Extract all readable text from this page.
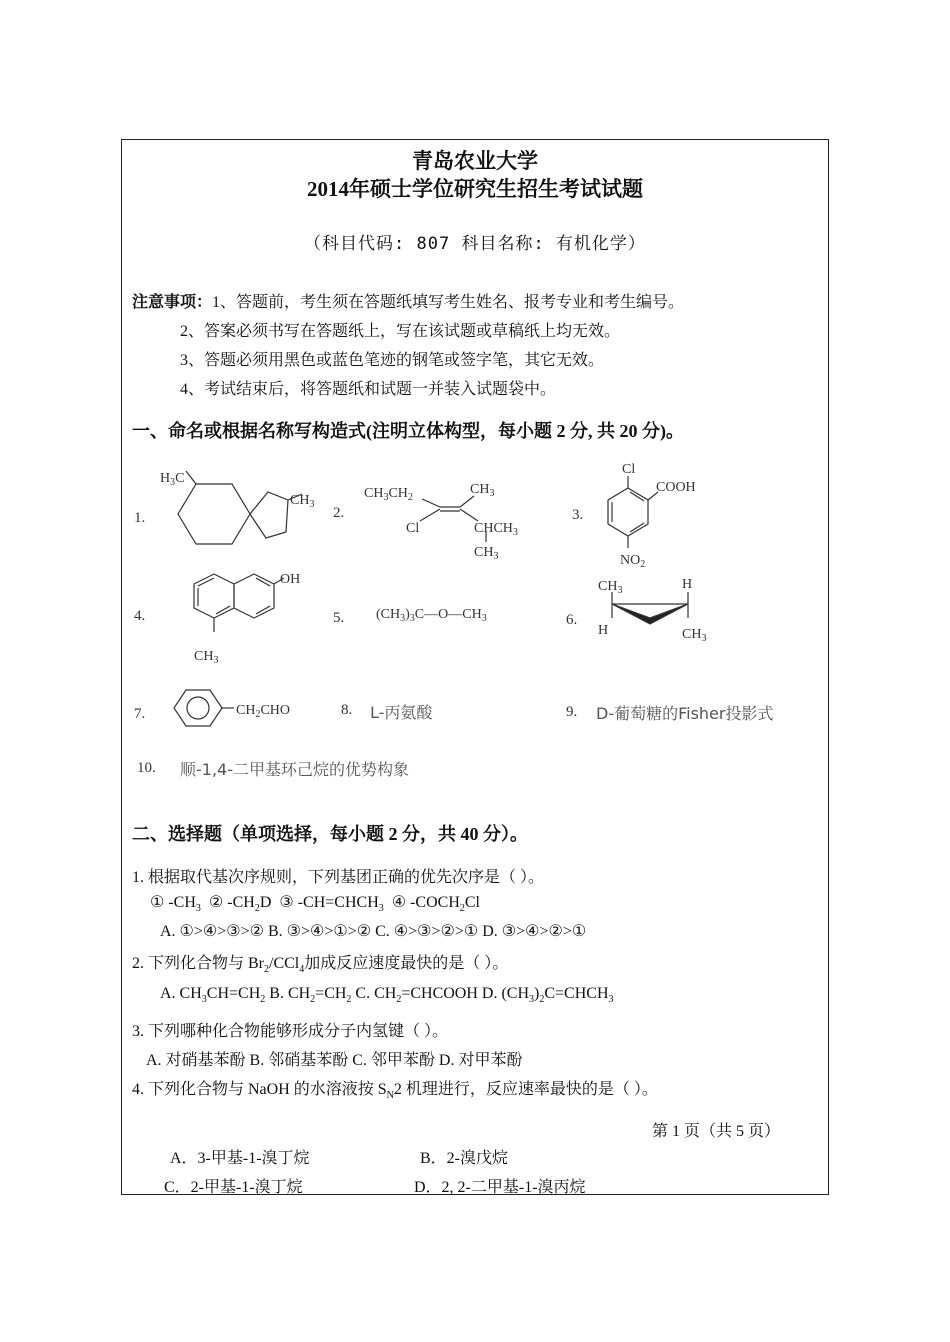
青岛农业大学
2014年硕士学位研究生招生考试试题
（科目代码: 807 科目名称: 有机化学）
注意事项：1、答题前，考生须在答题纸填写考生姓名、报考专业和考生编号。
2、答案必须书写在答题纸上，写在该试题或草稿纸上均无效。
3、答题必须用黑色或蓝色笔迹的钢笔或签字笔，其它无效。
4、考试结束后，将答题纸和试题一并装入试题袋中。
一、命名或根据名称写构造式(注明立体构型，每小题 2 分, 共 20 分)。
1.	2.	3.
4.	5.	6.
7.	8.	9.
10.
L-丙氨酸	D-葡萄糖的Fisher投影式
顺-1,4-二甲基环己烷的优势构象
$H_3C$
$CH_3$
$CH_3CH_2$
$CH_3$
Cl	$CHCH_3$
$CH_3$
Cl
COOH
$NO_2$
OH
$CH_3$
$(CH_3)_3C—O—CH_3$
$CH_3$	H
H	$CH_3$
$CH_2CHO$
二、选择题（单项选择，每小题 2 分，共 40 分）。
1. 根据取代基次序规则，下列基团正确的优先次序是（ ）。
① $-CH_3$ ② $-CH_2D$ ③ $-CH=CHCH_3$ ④ $-COCH_2Cl$
A. ①>④>③>② B. ③>④>①>② C. ④>③>②>① D. ③>④>②>①
2. 下列化合物与 $Br_2/CCl_4$加成反应速度最快的是（ ）。
A. $CH_3CH=CH_2$ B. $CH_2=CH_2$ C. $CH_2=CHCOOH$ D. $(CH_3)_2C=CHCH_3$
3. 下列哪种化合物能够形成分子内氢键（ ）。
A. 对硝基苯酚 B. 邻硝基苯酚 C. 邻甲苯酚 D. 对甲苯酚
4. 下列化合物与 NaOH 的水溶液按 $S_N2$ 机理进行，反应速率最快的是（ ）。
第 1 页（共 5 页）
A．3-甲基-1-溴丁烷	B．2-溴戊烷
C．2-甲基-1-溴丁烷	D．2, 2-二甲基-1-溴丙烷
